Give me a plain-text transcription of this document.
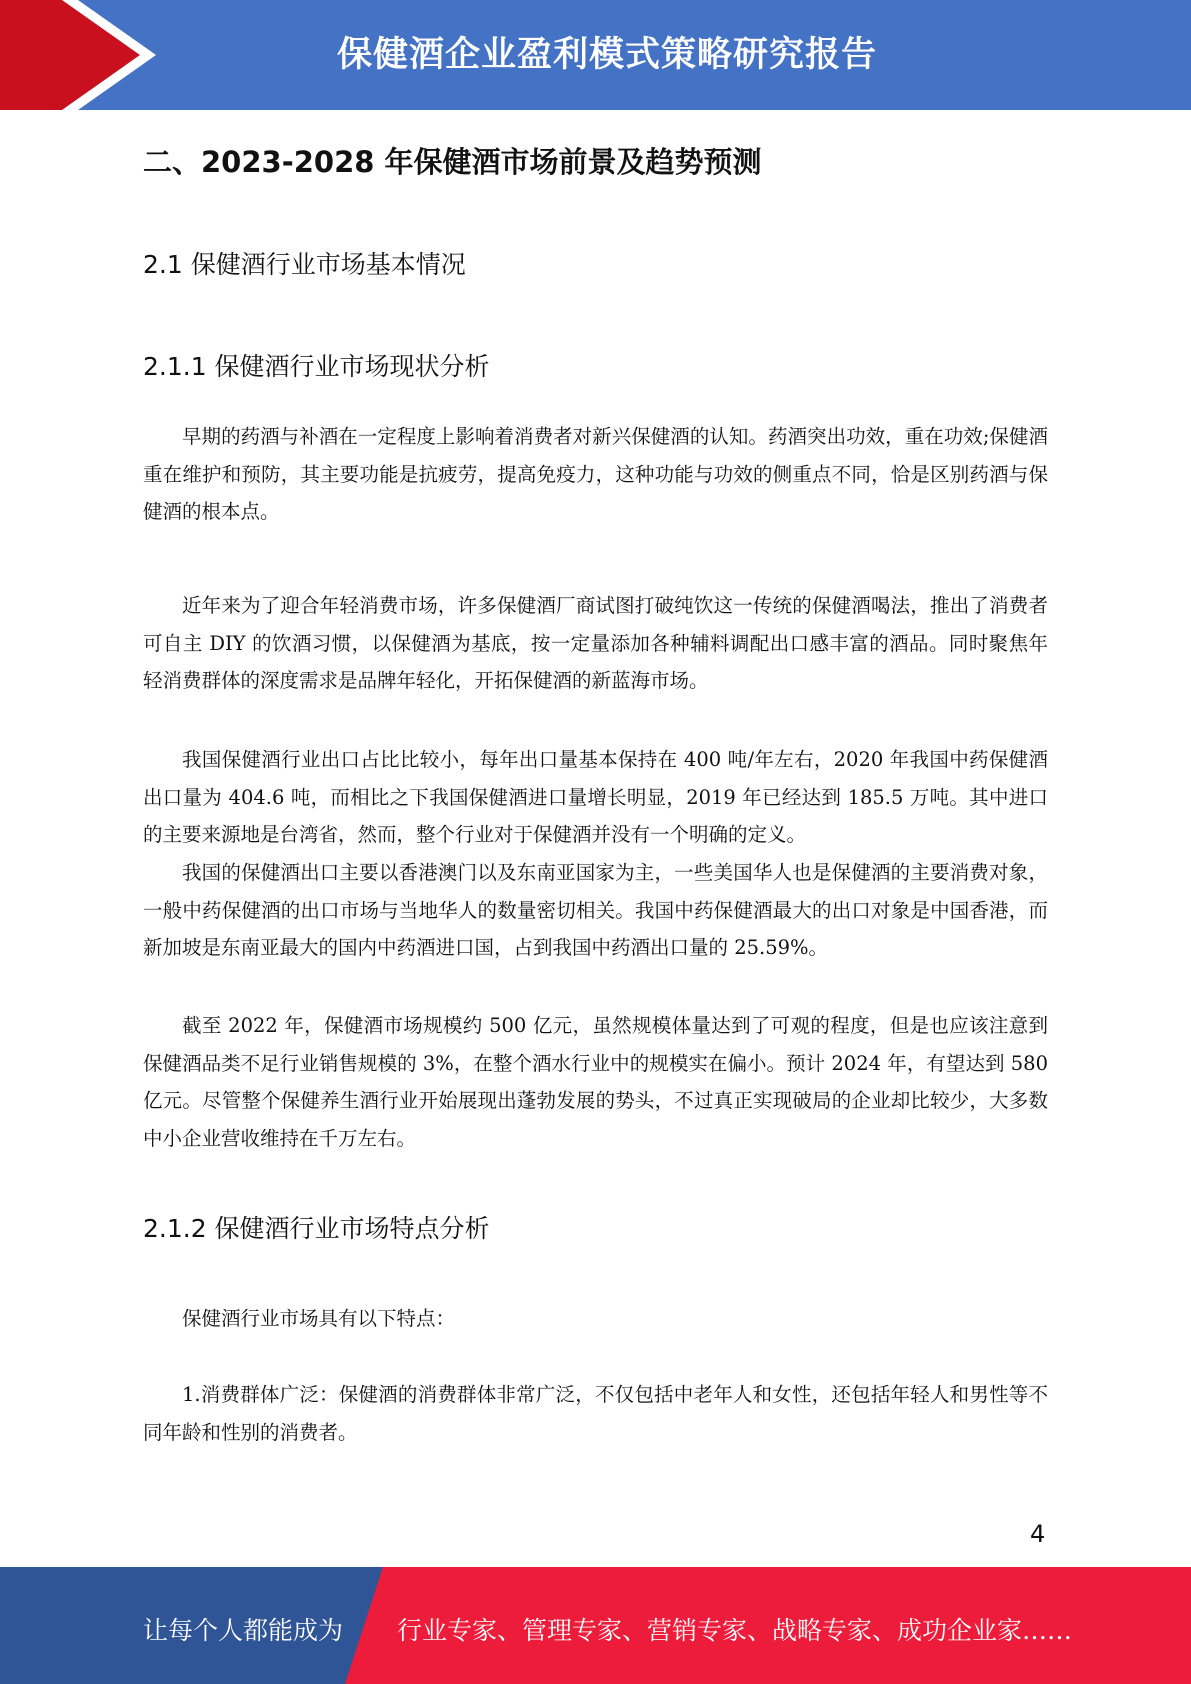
保健酒企业盈利模式策略研究报告
二、2023-2028 年保健酒市场前景及趋势预测
2.1 保健酒行业市场基本情况
2.1.1 保健酒行业市场现状分析

早期的药酒与补酒在一定程度上影响着消费者对新兴保健酒的认知。药酒突出功效，重在功效;保健酒重在维护和预防，其主要功能是抗疲劳，提高免疫力，这种功能与功效的侧重点不同，恰是区别药酒与保健酒的根本点。

近年来为了迎合年轻消费市场，许多保健酒厂商试图打破纯饮这一传统的保健酒喝法，推出了消费者可自主 DIY 的饮酒习惯，以保健酒为基底，按一定量添加各种辅料调配出口感丰富的酒品。同时聚焦年轻消费群体的深度需求是品牌年轻化，开拓保健酒的新蓝海市场。

我国保健酒行业出口占比比较小，每年出口量基本保持在 400 吨/年左右，2020 年我国中药保健酒出口量为 404.6 吨，而相比之下我国保健酒进口量增长明显，2019 年已经达到 185.5 万吨。其中进口的主要来源地是台湾省，然而，整个行业对于保健酒并没有一个明确的定义。

我国的保健酒出口主要以香港澳门以及东南亚国家为主，一些美国华人也是保健酒的主要消费对象，一般中药保健酒的出口市场与当地华人的数量密切相关。我国中药保健酒最大的出口对象是中国香港，而新加坡是东南亚最大的国内中药酒进口国，占到我国中药酒出口量的 25.59%。

截至 2022 年，保健酒市场规模约 500 亿元，虽然规模体量达到了可观的程度，但是也应该注意到保健酒品类不足行业销售规模的 3%，在整个酒水行业中的规模实在偏小。预计 2024 年，有望达到 580 亿元。尽管整个保健养生酒行业开始展现出蓬勃发展的势头，不过真正实现破局的企业却比较少，大多数中小企业营收维持在千万左右。

2.1.2 保健酒行业市场特点分析

保健酒行业市场具有以下特点：

1.消费群体广泛：保健酒的消费群体非常广泛，不仅包括中老年人和女性，还包括年轻人和男性等不同年龄和性别的消费者。

4
让每个人都能成为 行业专家、管理专家、营销专家、战略专家、成功企业家……
